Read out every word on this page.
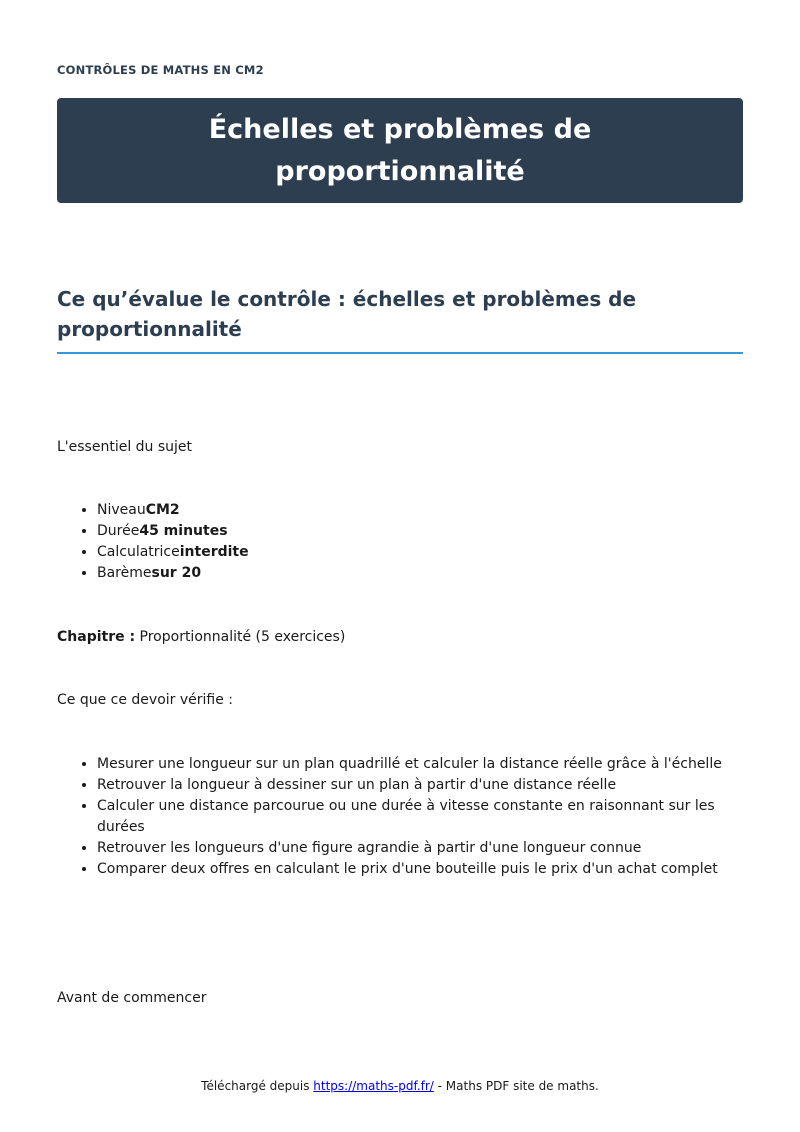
CONTRÔLES DE MATHS EN CM2
Échelles et problèmes de proportionnalité
Ce qu’évalue le contrôle : échelles et problèmes de proportionnalité

L'essentiel du sujet

• NiveauCM2
• Durée45 minutes
• Calculatriceinterdite
• Barèmesur 20

Chapitre : Proportionnalité (5 exercices)

Ce que ce devoir vérifie :

• Mesurer une longueur sur un plan quadrillé et calculer la distance réelle grâce à l'échelle
• Retrouver la longueur à dessiner sur un plan à partir d'une distance réelle
• Calculer une distance parcourue ou une durée à vitesse constante en raisonnant sur les durées
• Retrouver les longueurs d'une figure agrandie à partir d'une longueur connue
• Comparer deux offres en calculant le prix d'une bouteille puis le prix d'un achat complet

Avant de commencer

Téléchargé depuis https://maths-pdf.fr/ - Maths PDF site de maths.
